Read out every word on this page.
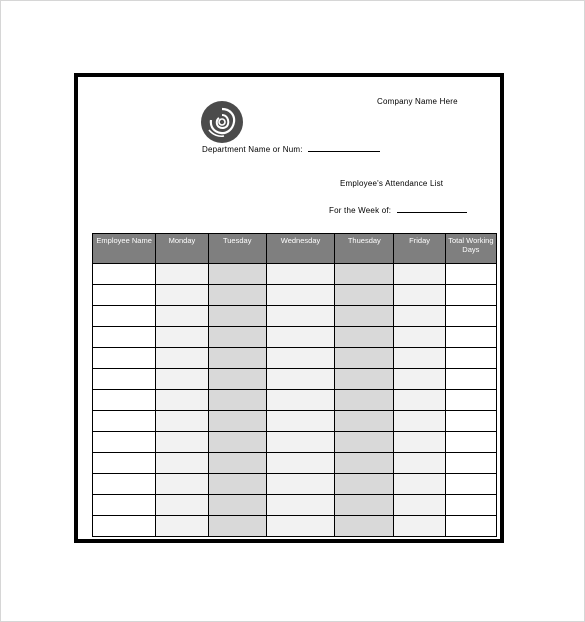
Company Name Here
Department Name or Num:
Employee's Attendance List
For the Week of:
Employee Name	Monday	Tuesday	Wednesday	Thuesday	Friday	Total Working Days
